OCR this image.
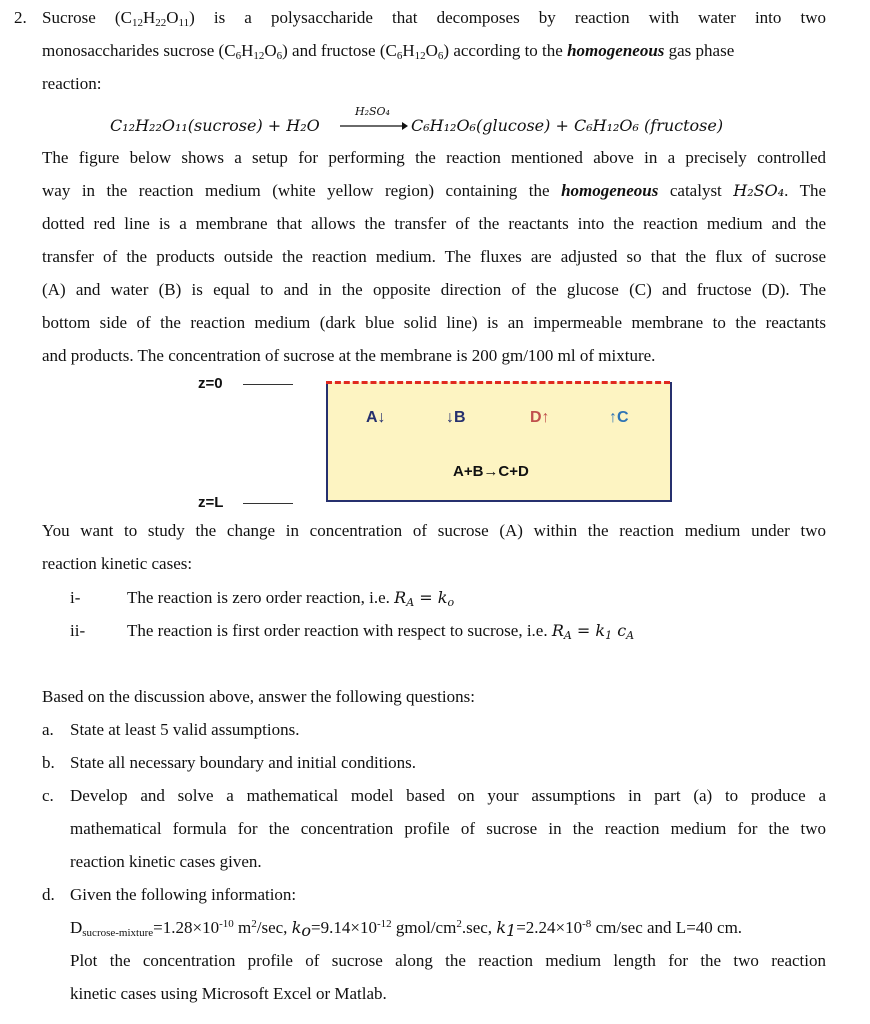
2. Sucrose $(C_{12}H_{22}O_{11})$ is a polysaccharide that decomposes by reaction with water into two
monosaccharides sucrose $(C_6H_{12}O_6)$ and fructose $(C_6H_{12}O_6)$ according to the homogeneous gas phase
reaction:
H₂SO₄
C₁₂H₂₂O₁₁(sucrose) + H₂O	C₆H₁₂O₆(glucose) + C₆H₁₂O₆ (fructose)
The figure below shows a setup for performing the reaction mentioned above in a precisely controlled
way in the reaction medium (white yellow region) containing the homogeneous catalyst H₂SO₄. The
dotted red line is a membrane that allows the transfer of the reactants into the reaction medium and the
transfer of the products outside the reaction medium. The fluxes are adjusted so that the flux of sucrose
(A) and water (B) is equal to and in the opposite direction of the glucose (C) and fructose (D). The
bottom side of the reaction medium (dark blue solid line) is an impermeable membrane to the reactants
and products. The concentration of sucrose at the membrane is 200 gm/100 ml of mixture.
z=0
A↓	↓B	D↑	↑C
A+B→C+D
z=L
You want to study the change in concentration of sucrose (A) within the reaction medium under two
reaction kinetic cases:
i-	The reaction is zero order reaction, i.e. $R_A = k_o$
ii- The reaction is first order reaction with respect to sucrose, i.e. $R_A = k_1$ $c_A$
Based on the discussion above, answer the following questions:
a. State at least 5 valid assumptions.
b. State all necessary boundary and initial conditions.
c. Develop and solve a mathematical model based on your assumptions in part (a) to produce a
mathematical formula for the concentration profile of sucrose in the reaction medium for the two
reaction kinetic cases given.
d. Given the following information:
$D_{sucrose-mixture}=1.28\times 10^{-10}$ $m^2/\sec$, $k_o=9.14\times 10^{-12}$ gmol/$cm^2.\sec$, $k_1=2.24\times 10^{-8}$ cm/sec and L=40 cm.
Plot the concentration profile of sucrose along the reaction medium length for the two reaction
kinetic cases using Microsoft Excel or Matlab.
